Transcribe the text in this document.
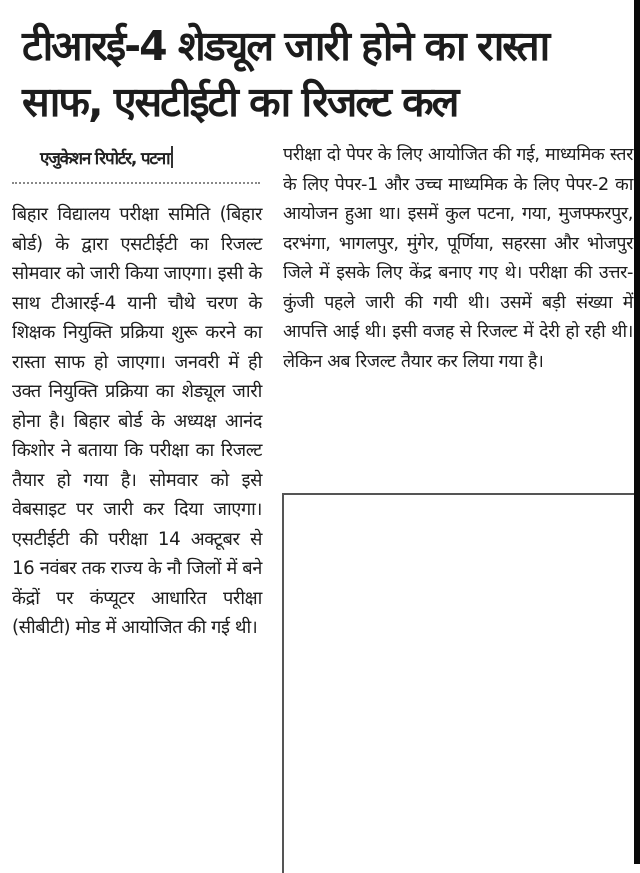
टीआरई-4 शेड्यूल जारी होने का रास्ता साफ, एसटीईटी का रिजल्ट कल
एजुकेशन रिपोर्टर, पटना

बिहार विद्यालय परीक्षा समिति (बिहार बोर्ड) के द्वारा एसटीईटी का रिजल्ट सोमवार को जारी किया जाएगा। इसी के साथ टीआरई-4 यानी चौथे चरण के शिक्षक नियुक्ति प्रक्रिया शुरू करने का रास्ता साफ हो जाएगा। जनवरी में ही उक्त नियुक्ति प्रक्रिया का शेड्यूल जारी होना है। बिहार बोर्ड के अध्यक्ष आनंद किशोर ने बताया कि परीक्षा का रिजल्ट तैयार हो गया है। सोमवार को इसे वेबसाइट पर जारी कर दिया जाएगा। एसटीईटी की परीक्षा 14 अक्टूबर से 16 नवंबर तक राज्य के नौ जिलों में बने केंद्रों पर कंप्यूटर आधारित परीक्षा (सीबीटी) मोड में आयोजित की गई थी।

परीक्षा दो पेपर के लिए आयोजित की गई, माध्यमिक स्तर के लिए पेपर-1 और उच्च माध्यमिक के लिए पेपर-2 का आयोजन हुआ था। इसमें कुल पटना, गया, मुजफ्फरपुर, दरभंगा, भागलपुर, मुंगेर, पूर्णिया, सहरसा और भोजपुर जिले में इसके लिए केंद्र बनाए गए थे। परीक्षा की उत्तर-कुंजी पहले जारी की गयी थी। उसमें बड़ी संख्या में आपत्ति आई थी। इसी वजह से रिजल्ट में देरी हो रही थी। लेकिन अब रिजल्ट तैयार कर लिया गया है।
